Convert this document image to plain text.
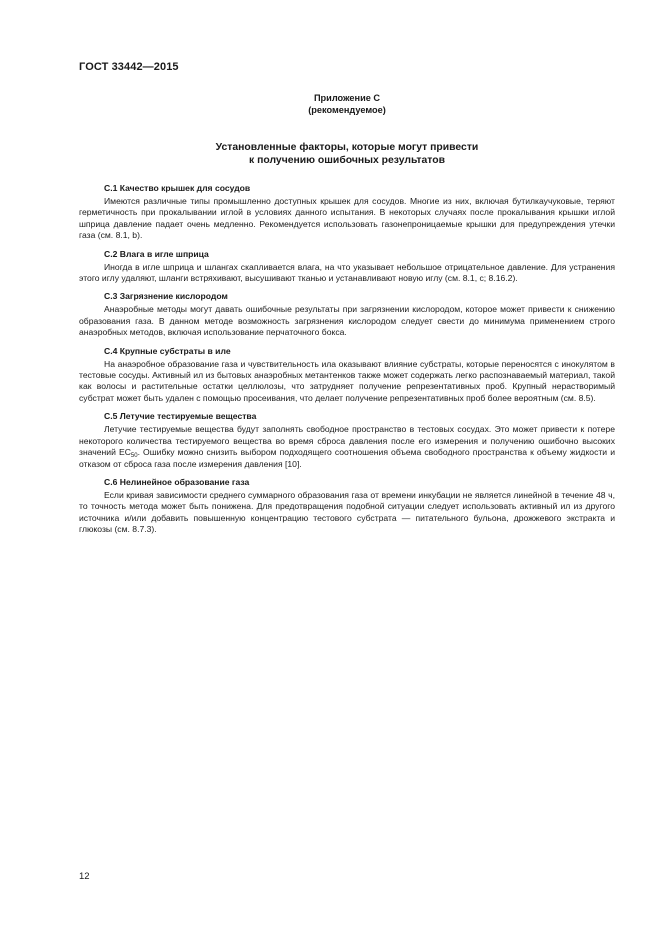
ГОСТ 33442—2015
Приложение С
(рекомендуемое)
Установленные факторы, которые могут привести
к получению ошибочных результатов
С.1 Качество крышек для сосудов

Имеются различные типы промышленно доступных крышек для сосудов. Многие из них, включая бутилкаучуковые, теряют герметичность при прокалывании иглой в условиях данного испытания. В некоторых случаях после прокалывания крышки иглой шприца давление падает очень медленно. Рекомендуется использовать газонепроницаемые крышки для предупреждения утечки газа (см. 8.1, b).

С.2 Влага в игле шприца

Иногда в игле шприца и шлангах скапливается влага, на что указывает небольшое отрицательное давление. Для устранения этого иглу удаляют, шланги встряхивают, высушивают тканью и устанавливают новую иглу (см. 8.1, с; 8.16.2).

С.3 Загрязнение кислородом

Анаэробные методы могут давать ошибочные результаты при загрязнении кислородом, которое может привести к снижению образования газа. В данном методе возможность загрязнения кислородом следует свести до минимума применением строго анаэробных методов, включая использование перчаточного бокса.

С.4 Крупные субстраты в иле

На анаэробное образование газа и чувствительность ила оказывают влияние субстраты, которые переносятся с инокулятом в тестовые сосуды. Активный ил из бытовых анаэробных метантенков также может содержать легко распознаваемый материал, такой как волосы и растительные остатки целлюлозы, что затрудняет получение репрезентативных проб. Крупный нерастворимый субстрат может быть удален с помощью просеивания, что делает получение репрезентативных проб более вероятным (см. 8.5).

С.5 Летучие тестируемые вещества

Летучие тестируемые вещества будут заполнять свободное пространство в тестовых сосудах. Это может привести к потере некоторого количества тестируемого вещества во время сброса давления после его измерения и получению ошибочно высоких значений $ЕС_{50}$. Ошибку можно снизить выбором подходящего соотношения объема свободного пространства к объему жидкости и отказом от сброса газа после измерения давления [10].

С.6 Нелинейное образование газа

Если кривая зависимости среднего суммарного образования газа от времени инкубации не является линейной в течение 48 ч, то точность метода может быть понижена. Для предотвращения подобной ситуации следует использовать активный ил из другого источника и/или добавить повышенную концентрацию тестового субстрата — питательного бульона, дрожжевого экстракта и глюкозы (см. 8.7.3).

12
